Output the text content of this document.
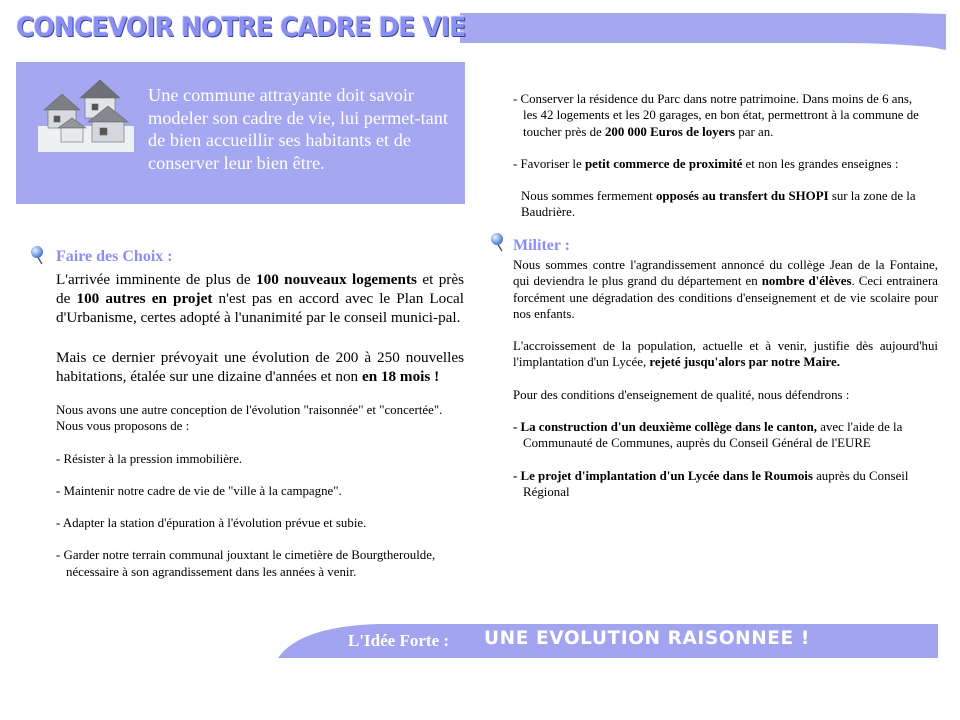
CONCEVOIR NOTRE CADRE DE VIE
Une commune attrayante doit savoir modeler son cadre de vie, lui permet-tant de bien accueillir ses habitants et de conserver leur bien être.
Faire des Choix :
L'arrivée imminente de plus de 100 nouveaux logements et près de 100 autres en projet n'est pas en accord avec le Plan Local d'Urbanisme, certes adopté à l'unanimité par le conseil munici-pal.
Mais ce dernier prévoyait une évolution de 200 à 250 nouvelles habitations, étalée sur une dizaine d'années et non en 18 mois !

Nous avons une autre conception de l'évolution "raisonnée" et "concertée".

Nous vous proposons de :

- Résister à la pression immobilière.

- Maintenir notre cadre de vie de "ville à la campagne".

- Adapter la station d'épuration à l'évolution prévue et subie.

- Garder notre terrain communal jouxtant le cimetière de Bourgtheroulde,

nécessaire à son agrandissement dans les années à venir.

- Conserver la résidence du Parc dans notre patrimoine. Dans moins de 6 ans,

les 42 logements et les 20 garages, en bon état, permettront à la commune de

toucher près de 200 000 Euros de loyers par an.

- Favoriser le petit commerce de proximité et non les grandes enseignes :

Nous sommes fermement opposés au transfert du SHOPI sur la zone de la

Baudrière.

Militer :

Nous sommes contre l'agrandissement annoncé du collège Jean de la Fontaine, qui deviendra le plus grand du département en nombre d'élèves. Ceci entrainera forcément une dégradation des conditions d'enseignement et de vie scolaire pour nos enfants.

L'accroissement de la population, actuelle et à venir, justifie dès aujourd'hui l'implantation d'un Lycée, rejeté jusqu'alors par notre Maire.

Pour des conditions d'enseignement de qualité, nous défendrons :

- La construction d'un deuxième collège dans le canton, avec l'aide de la

Communauté de Communes, auprès du Conseil Général de l'EURE

- Le projet d'implantation d'un Lycée dans le Roumois auprès du Conseil

Régional

L'Idée Forte : UNE EVOLUTION RAISONNEE !
